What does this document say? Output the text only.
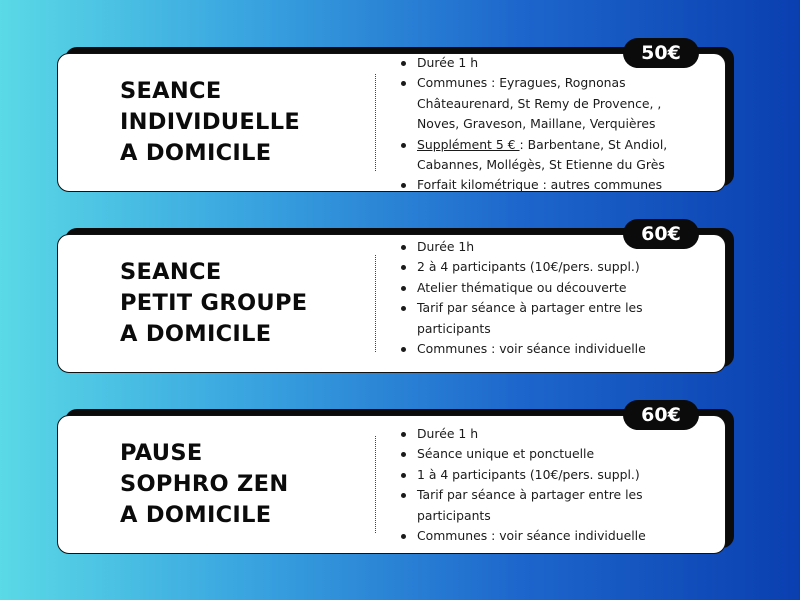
SEANCE
INDIVIDUELLE
A DOMICILE
50€
Durée 1 h
Communes : Eyragues, Rognonas Châteaurenard, St Remy de Provence, , Noves, Graveson, Maillane, Verquières
Supplément 5 € : Barbentane, St Andiol, Cabannes, Mollégès, St Etienne du Grès
Forfait kilométrique : autres communes
SEANCE
PETIT GROUPE
A DOMICILE
60€
Durée 1h
2 à 4 participants (10€/pers. suppl.)
Atelier thématique ou découverte
Tarif par séance à partager entre les participants
Communes : voir séance individuelle
PAUSE
SOPHRO ZEN
A DOMICILE
60€
Durée 1 h
Séance unique et ponctuelle
1 à 4 participants (10€/pers. suppl.)
Tarif par séance à partager entre les participants
Communes : voir séance individuelle
